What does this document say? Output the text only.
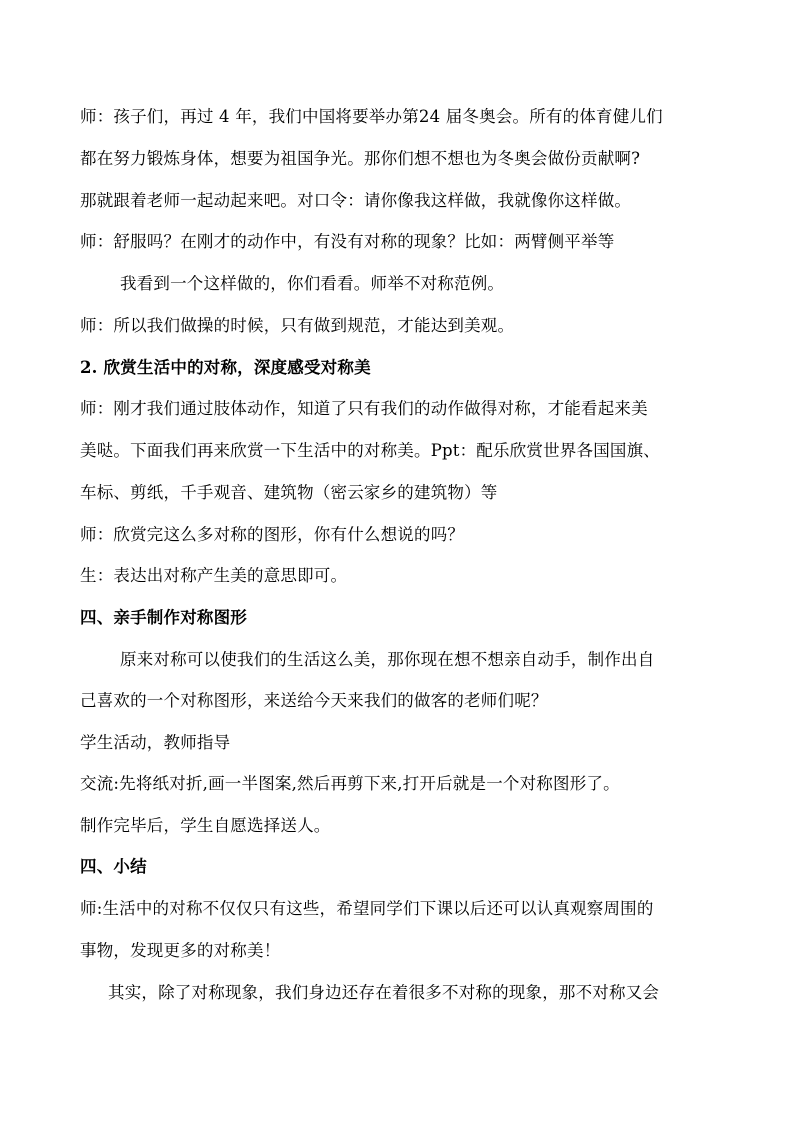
师：孩子们，再过 4 年，我们中国将要举办第24 届冬奥会。所有的体育健儿们
都在努力锻炼身体，想要为祖国争光。那你们想不想也为冬奥会做份贡献啊?
那就跟着老师一起动起来吧。对口令：请你像我这样做，我就像你这样做。
师：舒服吗？在刚才的动作中，有没有对称的现象？比如：两臂侧平举等
我看到一个这样做的，你们看看。师举不对称范例。
师：所以我们做操的时候，只有做到规范，才能达到美观。
2. 欣赏生活中的对称，深度感受对称美
师：刚才我们通过肢体动作，知道了只有我们的动作做得对称，才能看起来美
美哒。下面我们再来欣赏一下生活中的对称美。Ppt：配乐欣赏世界各国国旗、
车标、剪纸，千手观音、建筑物（密云家乡的建筑物）等
师：欣赏完这么多对称的图形，你有什么想说的吗？
生：表达出对称产生美的意思即可。
四、亲手制作对称图形
原来对称可以使我们的生活这么美，那你现在想不想亲自动手，制作出自
己喜欢的一个对称图形，来送给今天来我们的做客的老师们呢？
学生活动，教师指导
交流:先将纸对折,画一半图案,然后再剪下来,打开后就是一个对称图形了。
制作完毕后，学生自愿选择送人。
四、小结
师:生活中的对称不仅仅只有这些，希望同学们下课以后还可以认真观察周围的
事物，发现更多的对称美！
其实，除了对称现象，我们身边还存在着很多不对称的现象，那不对称又会
